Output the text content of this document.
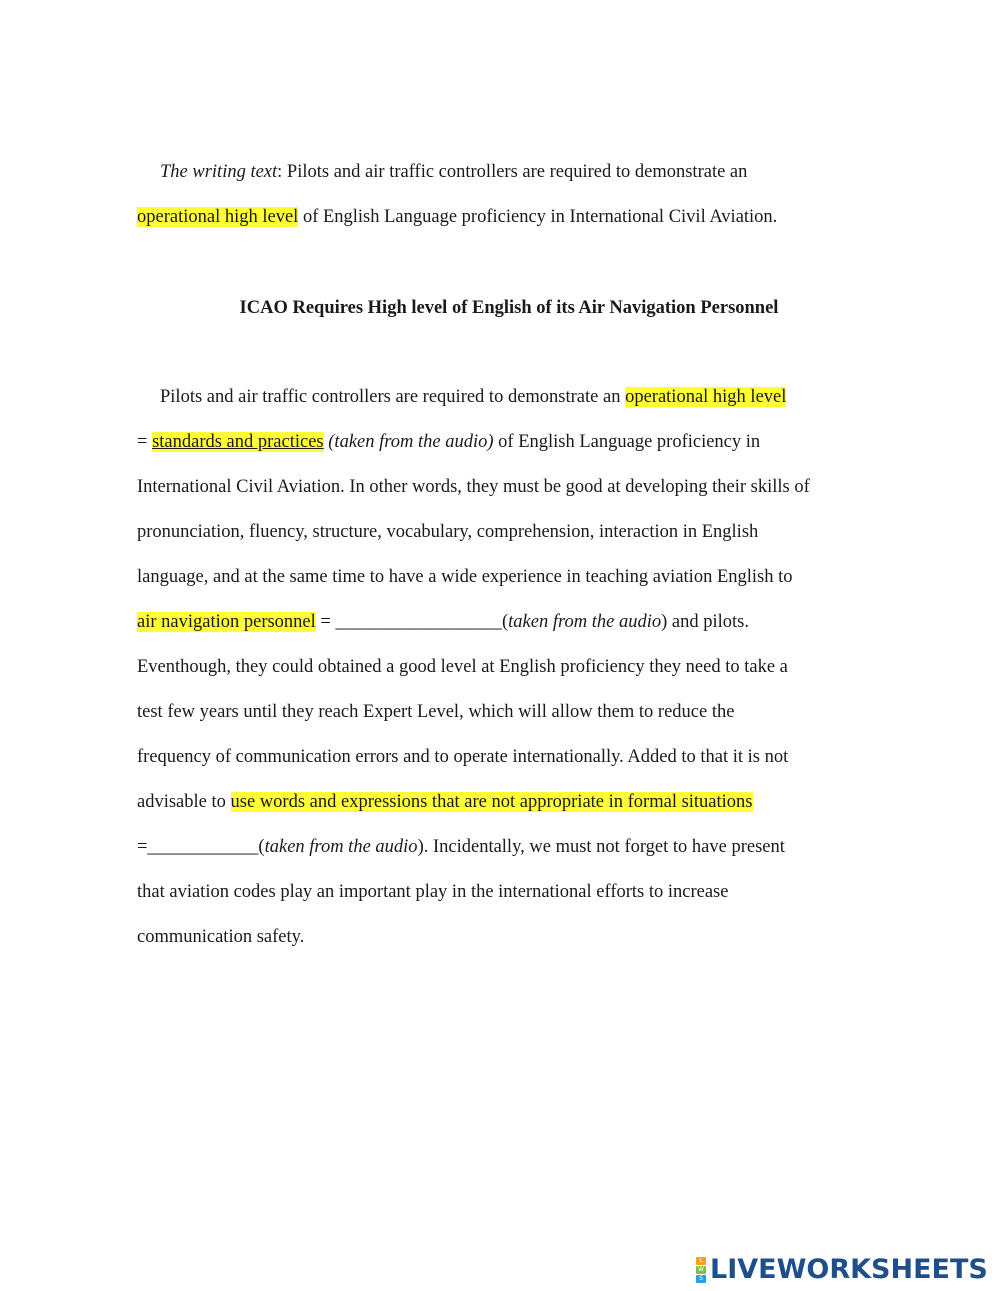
The writing text: Pilots and air traffic controllers are required to demonstrate an
operational high level of English Language proficiency in International Civil Aviation.
ICAO Requires High level of English of its Air Navigation Personnel
Pilots and air traffic controllers are required to demonstrate an operational high level
= standards and practices (taken from the audio) of English Language proficiency in
International Civil Aviation. In other words, they must be good at developing their skills of
pronunciation, fluency, structure, vocabulary, comprehension, interaction in English
language, and at the same time to have a wide experience in teaching aviation English to
air navigation personnel = __________________(taken from the audio) and pilots.
Eventhough, they could obtained a good level at English proficiency they need to take a
test few years until they reach Expert Level, which will allow them to reduce the
frequency of communication errors and to operate internationally. Added to that it is not
advisable to use words and expressions that are not appropriate in formal situations
=____________(taken from the audio). Incidentally, we must not forget to have present
that aviation codes play an important play in the international efforts to increase
communication safety.
L
W
S LIVEWORKSHEETS
